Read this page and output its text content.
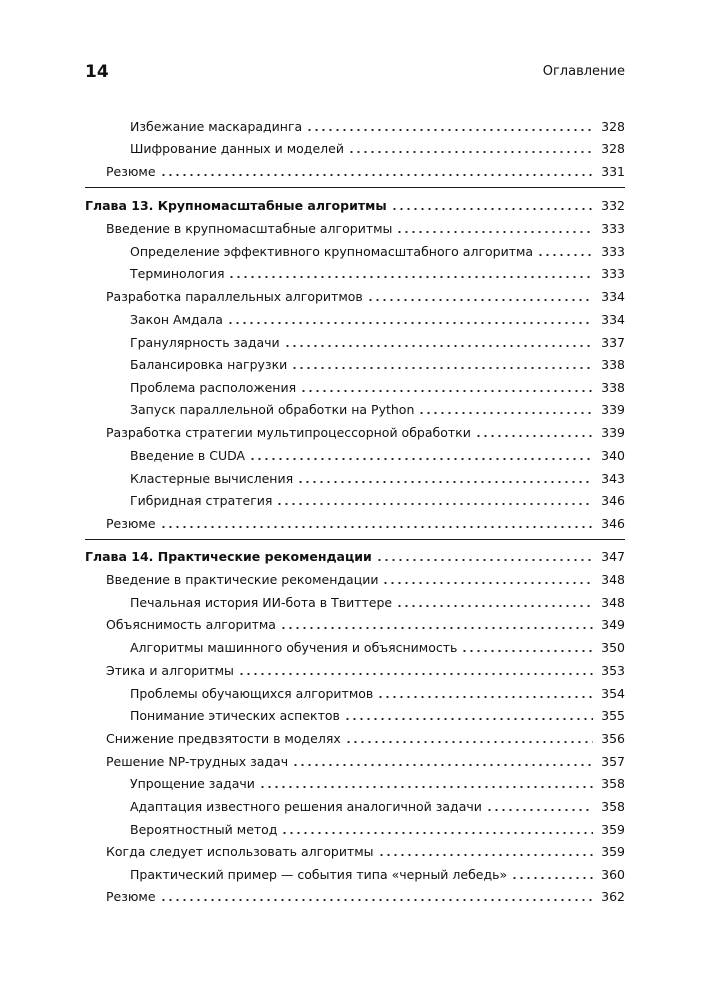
14	Оглавление
Избежание маскарадинга	328
Шифрование данных и моделей	328
Резюме	331
Глава 13. Крупномасштабные алгоритмы	332
Введение в крупномасштабные алгоритмы	333
Определение эффективного крупномасштабного алгоритма	333
Терминология	333
Разработка параллельных алгоритмов	334
Закон Амдала	334
Гранулярность задачи	337
Балансировка нагрузки	338
Проблема расположения	338
Запуск параллельной обработки на Python	339
Разработка стратегии мультипроцессорной обработки	339
Введение в CUDA	340
Кластерные вычисления	343
Гибридная стратегия	346
Резюме	346
Глава 14. Практические рекомендации	347
Введение в практические рекомендации	348
Печальная история ИИ-бота в Твиттере	348
Объяснимость алгоритма	349
Алгоритмы машинного обучения и объяснимость	350
Этика и алгоритмы	353
Проблемы обучающихся алгоритмов	354
Понимание этических аспектов	355
Снижение предвзятости в моделях	356
Решение NP-трудных задач	357
Упрощение задачи	358
Адаптация известного решения аналогичной задачи	358
Вероятностный метод	359
Когда следует использовать алгоритмы	359
Практический пример — события типа «черный лебедь»	360
Резюме	362
